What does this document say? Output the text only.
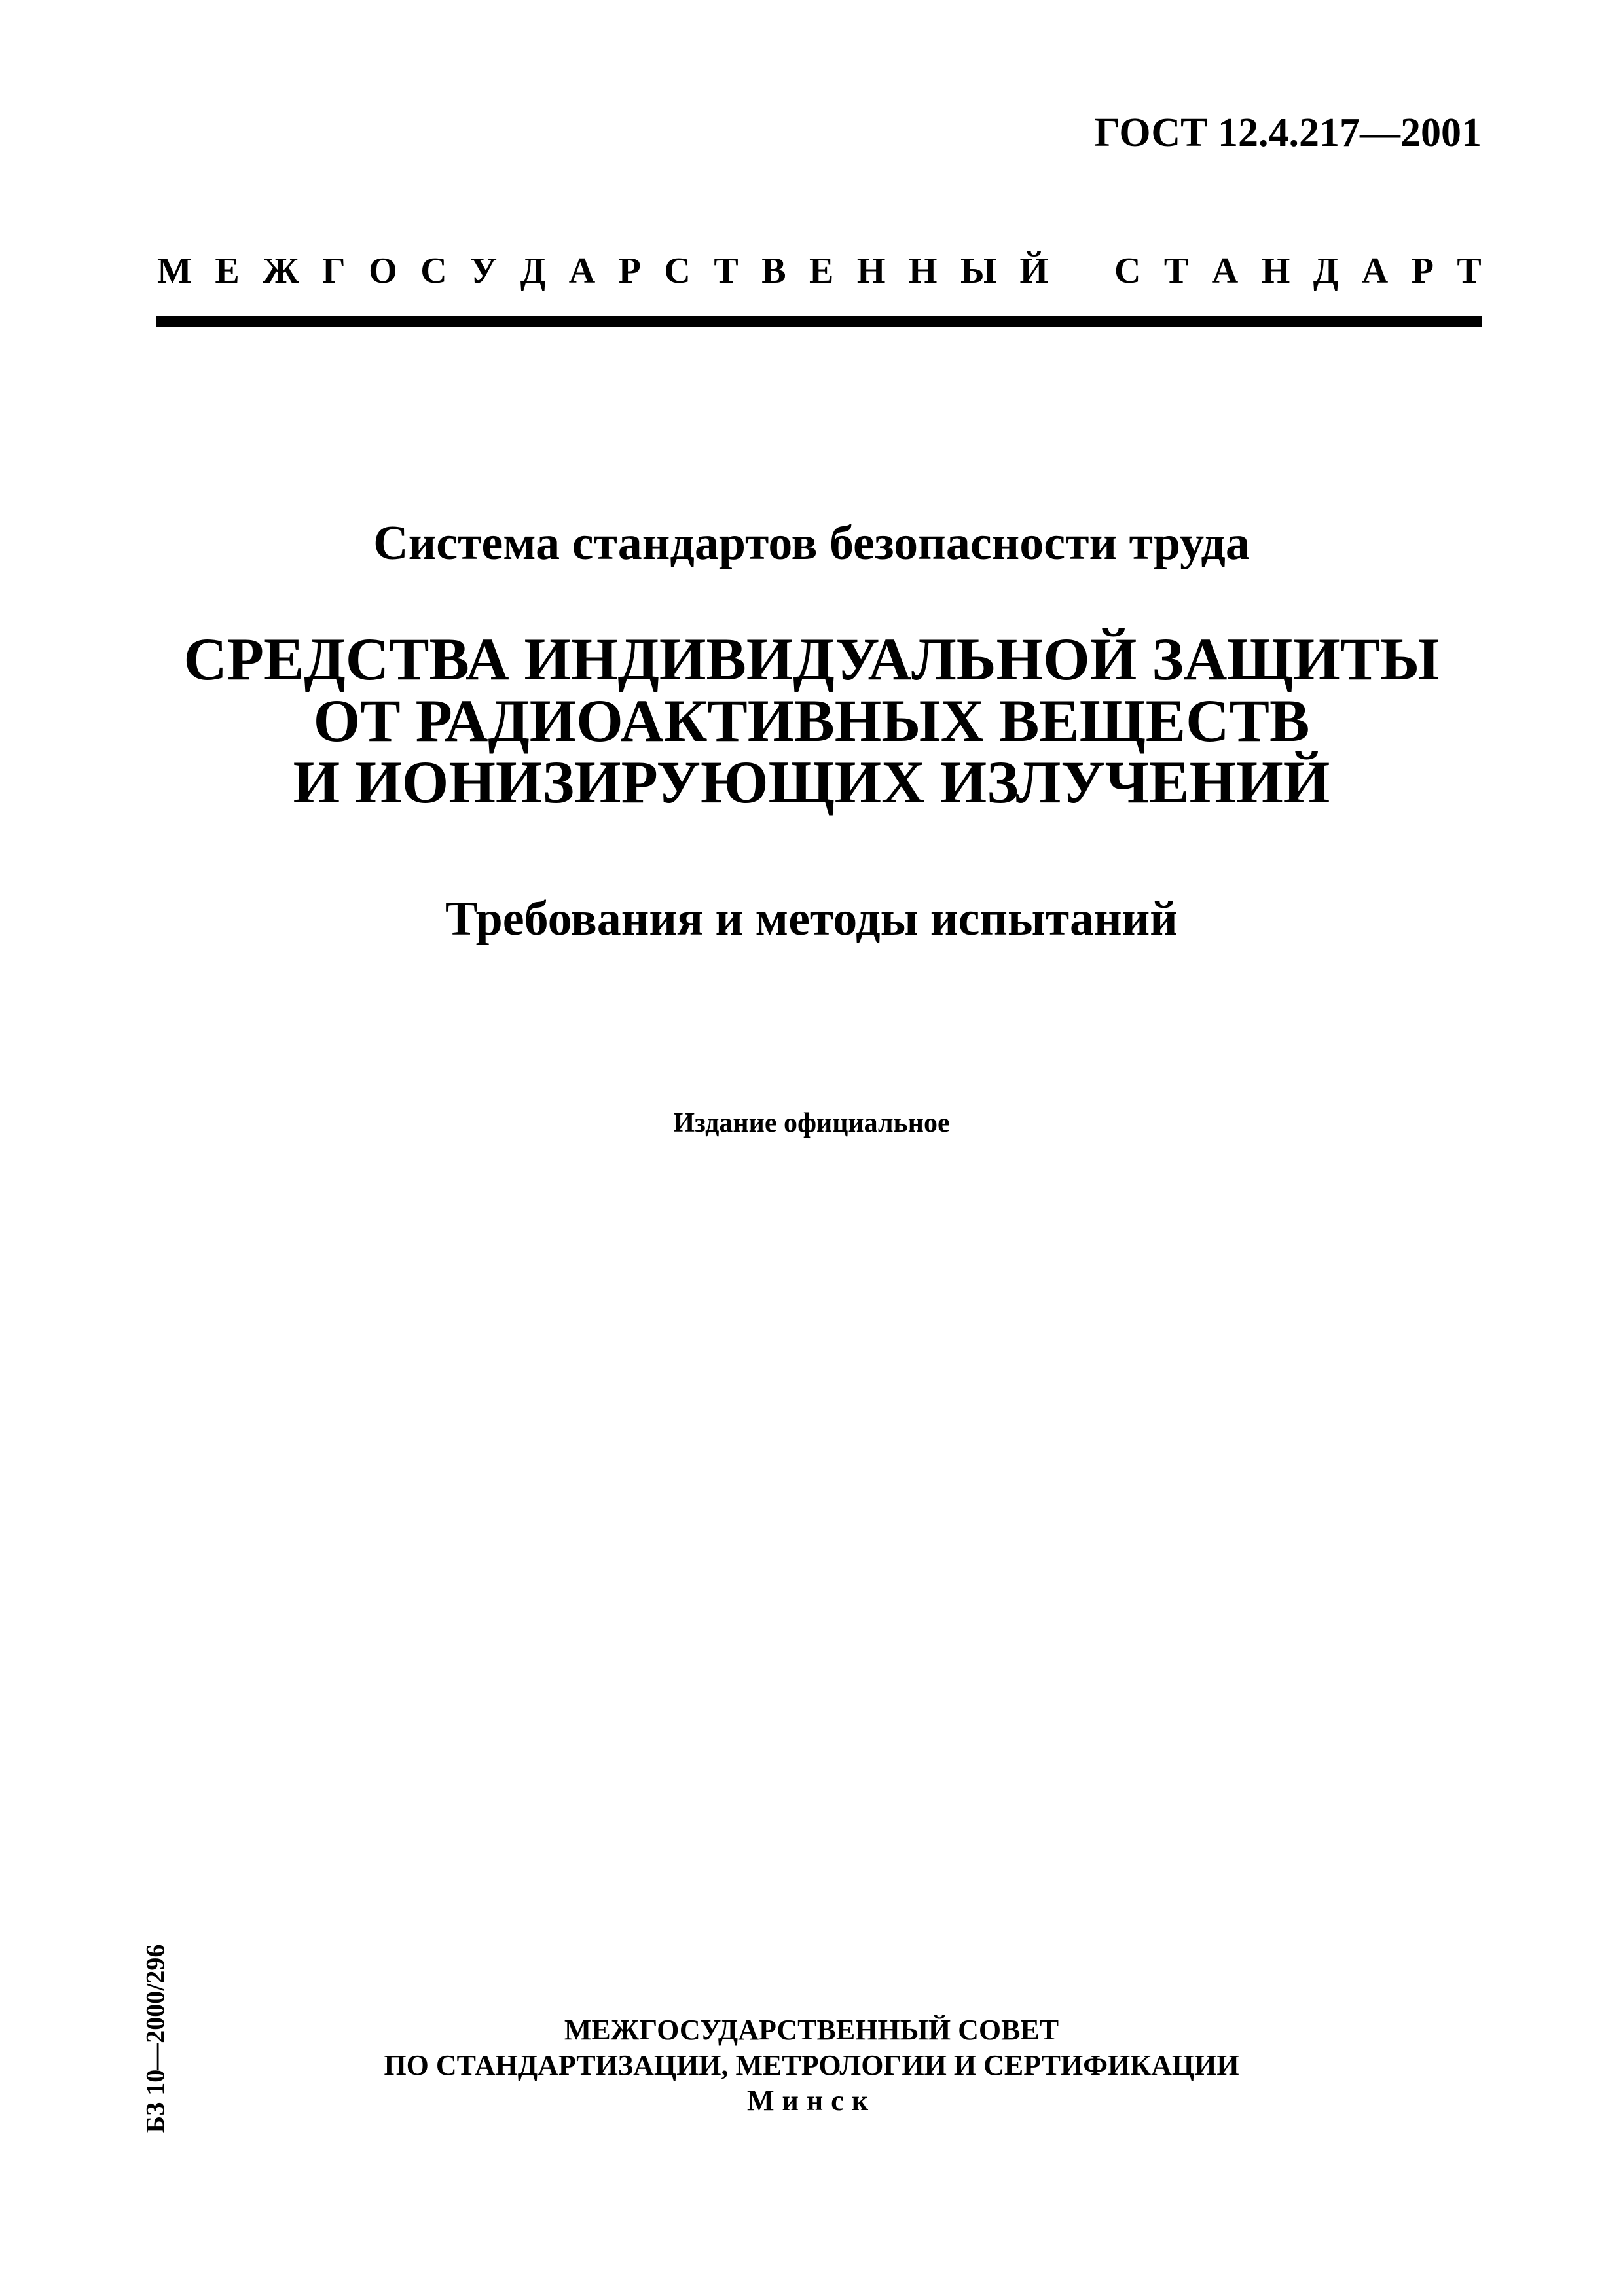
ГОСТ 12.4.217—2001
М Е Ж Г О С У Д А Р С Т В Е Н Н Ы Й С Т А Н Д А Р Т
Система стандартов безопасности труда
СРЕДСТВА ИНДИВИДУАЛЬНОЙ ЗАЩИТЫ
ОТ РАДИОАКТИВНЫХ ВЕЩЕСТВ
И ИОНИЗИРУЮЩИХ ИЗЛУЧЕНИЙ
Требования и методы испытаний
Издание официальное
БЗ 10—2000/296	МЕЖГОСУДАРСТВЕННЫЙ СОВЕТ
ПО СТАНДАРТИЗАЦИИ, МЕТРОЛОГИИ И СЕРТИФИКАЦИИ
Минск
